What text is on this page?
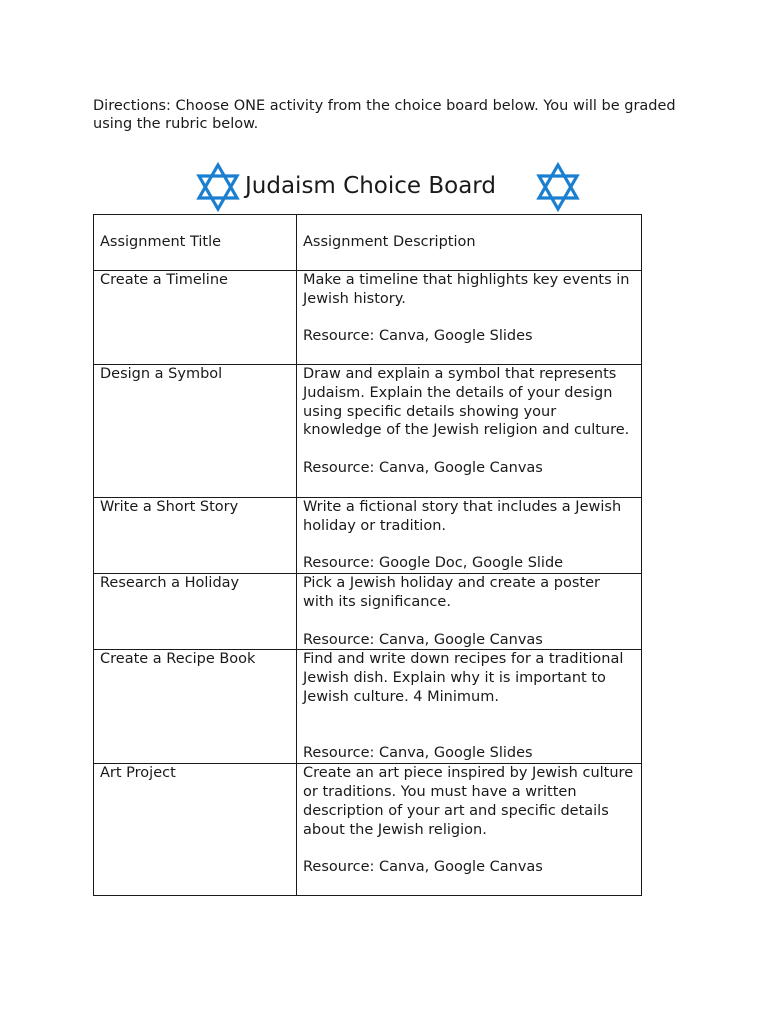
Directions: Choose ONE activity from the choice board below. You will be graded using the rubric below.

Judaism Choice Board
Assignment Title	Assignment Description
Create a Timeline	Make a timeline that highlights key events in Jewish history.

Resource: Canva, Google Slides

Design a Symbol	Draw and explain a symbol that represents Judaism. Explain the details of your design using specific details showing your knowledge of the Jewish religion and culture.

Resource: Canva, Google Canvas

Write a Short Story	Write a fictional story that includes a Jewish holiday or tradition.

Resource: Google Doc, Google Slide

Research a Holiday	Pick a Jewish holiday and create a poster with its significance.

Resource: Canva, Google Canvas

Create a Recipe Book	Find and write down recipes for a traditional Jewish dish. Explain why it is important to Jewish culture. 4 Minimum.

Resource: Canva, Google Slides

Art Project	Create an art piece inspired by Jewish culture or traditions. You must have a written description of your art and specific details about the Jewish religion.

Resource: Canva, Google Canvas
